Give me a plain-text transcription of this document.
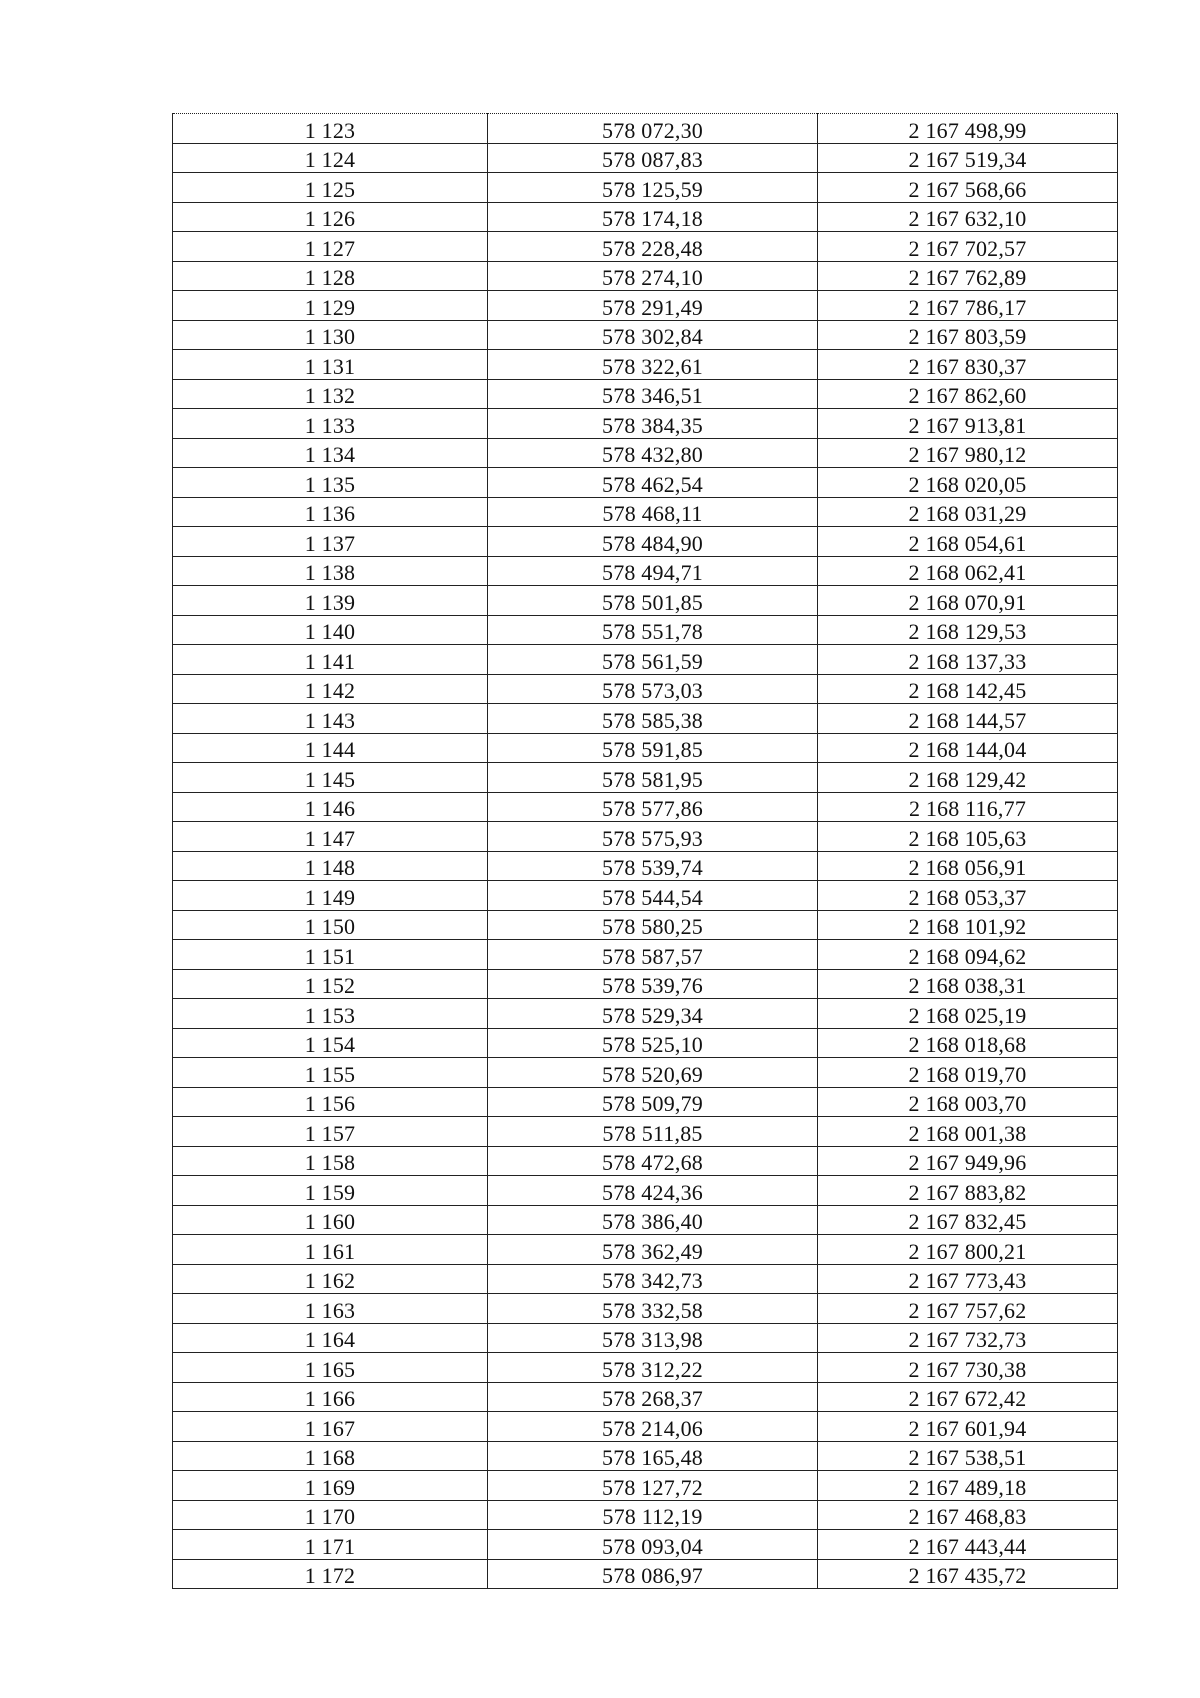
1 123	578 072,30	2 167 498,99
1 124	578 087,83	2 167 519,34
1 125	578 125,59	2 167 568,66
1 126	578 174,18	2 167 632,10
1 127	578 228,48	2 167 702,57
1 128	578 274,10	2 167 762,89
1 129	578 291,49	2 167 786,17
1 130	578 302,84	2 167 803,59
1 131	578 322,61	2 167 830,37
1 132	578 346,51	2 167 862,60
1 133	578 384,35	2 167 913,81
1 134	578 432,80	2 167 980,12
1 135	578 462,54	2 168 020,05
1 136	578 468,11	2 168 031,29
1 137	578 484,90	2 168 054,61
1 138	578 494,71	2 168 062,41
1 139	578 501,85	2 168 070,91
1 140	578 551,78	2 168 129,53
1 141	578 561,59	2 168 137,33
1 142	578 573,03	2 168 142,45
1 143	578 585,38	2 168 144,57
1 144	578 591,85	2 168 144,04
1 145	578 581,95	2 168 129,42
1 146	578 577,86	2 168 116,77
1 147	578 575,93	2 168 105,63
1 148	578 539,74	2 168 056,91
1 149	578 544,54	2 168 053,37
1 150	578 580,25	2 168 101,92
1 151	578 587,57	2 168 094,62
1 152	578 539,76	2 168 038,31
1 153	578 529,34	2 168 025,19
1 154	578 525,10	2 168 018,68
1 155	578 520,69	2 168 019,70
1 156	578 509,79	2 168 003,70
1 157	578 511,85	2 168 001,38
1 158	578 472,68	2 167 949,96
1 159	578 424,36	2 167 883,82
1 160	578 386,40	2 167 832,45
1 161	578 362,49	2 167 800,21
1 162	578 342,73	2 167 773,43
1 163	578 332,58	2 167 757,62
1 164	578 313,98	2 167 732,73
1 165	578 312,22	2 167 730,38
1 166	578 268,37	2 167 672,42
1 167	578 214,06	2 167 601,94
1 168	578 165,48	2 167 538,51
1 169	578 127,72	2 167 489,18
1 170	578 112,19	2 167 468,83
1 171	578 093,04	2 167 443,44
1 172	578 086,97	2 167 435,72
